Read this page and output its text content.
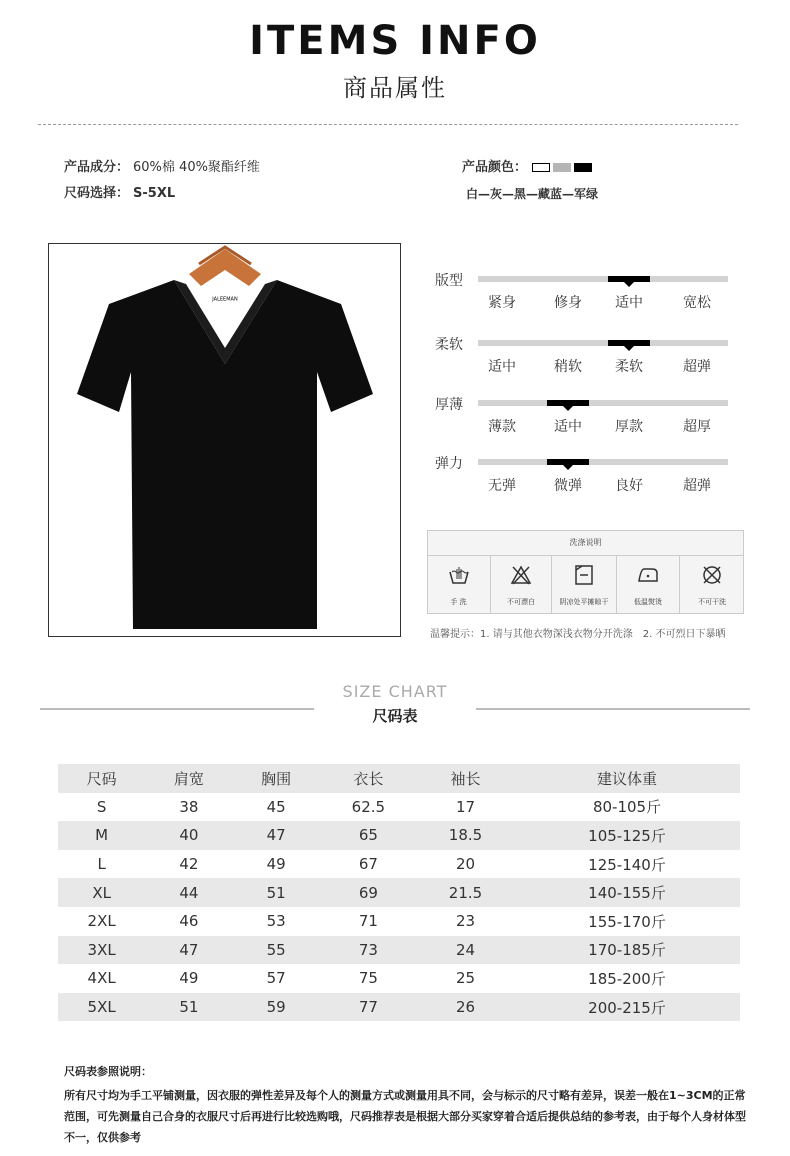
ITEMS INFO
商品属性
产品成分： 60%棉 40%聚酯纤维
尺码选择： S-5XL
产品颜色：
白—灰—黑—藏蓝—军绿
JALEEMAN
版型
紧身	修身	适中	宽松
柔软
适中	稍软	柔软	超弹
厚薄
薄款	适中	厚款	超厚
弹力
无弹	微弹	良好	超弹
洗涤说明
手 洗	不可漂白	阴凉处平摊晾干	低温熨烫	不可干洗
温馨提示：1. 请与其他衣物深浅衣物分开洗涤　2. 不可烈日下暴晒
SIZE CHART
尺码表
尺码	肩宽	胸围	衣长	袖长	建议体重
S	38	45	62.5	17	80-105斤
M	40	47	65	18.5	105-125斤
L	42	49	67	20	125-140斤
XL	44	51	69	21.5	140-155斤
2XL	46	53	71	23	155-170斤
3XL	47	55	73	24	170-185斤
4XL	49	57	75	25	185-200斤
5XL	51	59	77	26	200-215斤
尺码表参照说明：
所有尺寸均为手工平铺测量，因衣服的弹性差异及每个人的测量方式或测量用具不同，会与标示的尺寸略有差异，误差一般在1~3CM的正常范围，可先测量自己合身的衣服尺寸后再进行比较选购哦，尺码推荐表是根据大部分买家穿着合适后提供总结的参考表，由于每个人身材体型不一，仅供参考
